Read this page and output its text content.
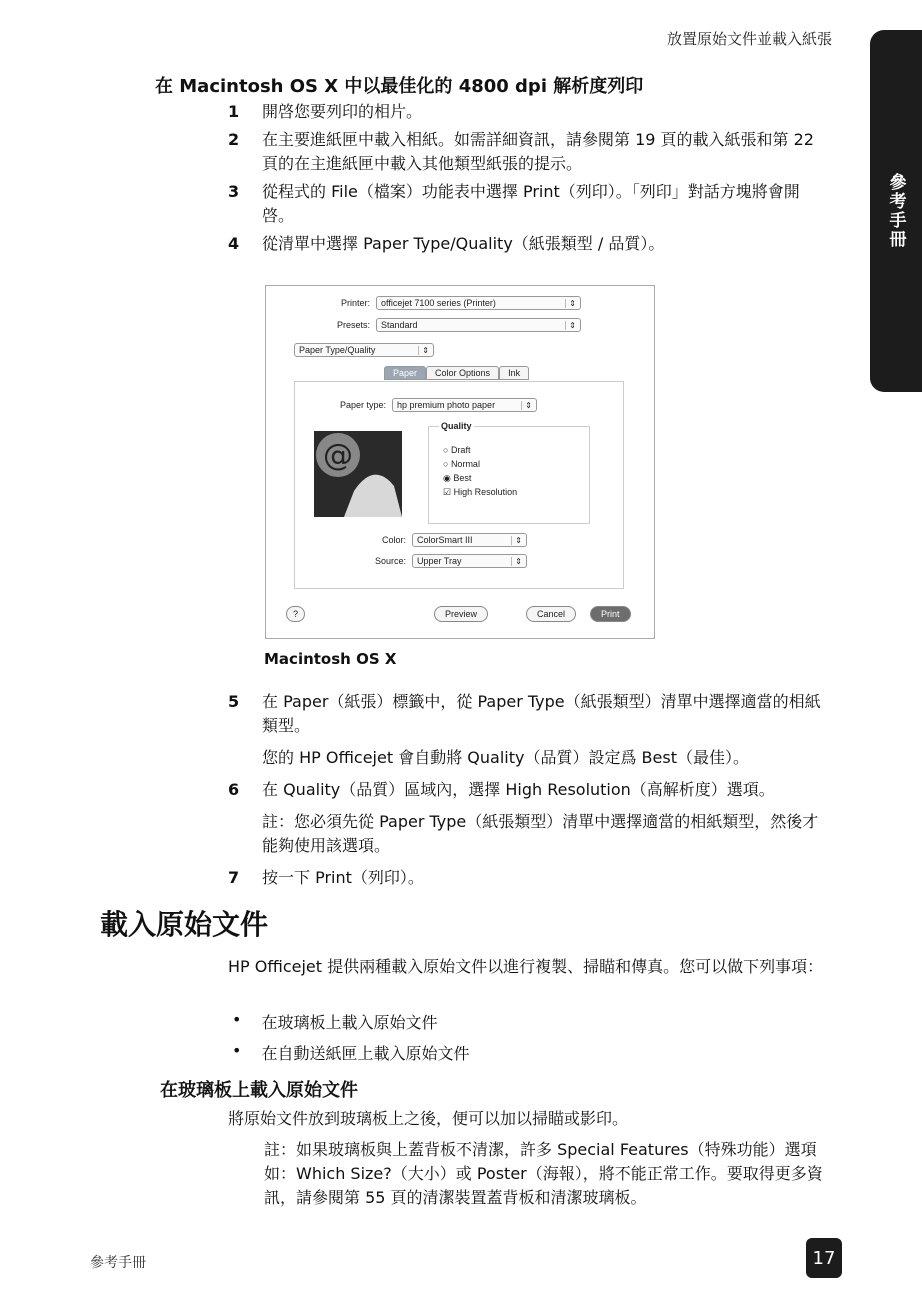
放置原始文件並載入紙張
參考手冊
在 Macintosh OS X 中以最佳化的 4800 dpi 解析度列印
1	開啓您要列印的相片。
2	在主要進紙匣中載入相紙。如需詳細資訊，請參閱第 19 頁的載入紙張和第 22 頁的在主進紙匣中載入其他類型紙張的提示。
3	從程式的 File（檔案）功能表中選擇 Print（列印）。「列印」對話方塊將會開啓。
4	從清單中選擇 Paper Type/Quality（紙張類型 / 品質）。
Printer: officejet 7100 series (Printer)	⇕
Presets: Standard	⇕
Paper Type/Quality	⇕
Paper	Color Options	Ink
Paper type: hp premium photo paper	⇕
@
Quality
○ Draft
○ Normal
◉ Best
☑ High Resolution
Color: ColorSmart III	⇕
Source: Upper Tray	⇕
?	Preview	Cancel	Print
Macintosh OS X
5	在 Paper（紙張）標籤中，從 Paper Type（紙張類型）清單中選擇適當的相紙類型。
您的 HP Officejet 會自動將 Quality（品質）設定爲 Best（最佳）。
6	在 Quality（品質）區域內，選擇 High Resolution（高解析度）選項。
註：您必須先從 Paper Type（紙張類型）清單中選擇適當的相紙類型，然後才能夠使用該選項。
7	按一下 Print（列印）。
載入原始文件
HP Officejet 提供兩種載入原始文件以進行複製、掃瞄和傳真。您可以做下列事項：
• 在玻璃板上載入原始文件
• 在自動送紙匣上載入原始文件
在玻璃板上載入原始文件
將原始文件放到玻璃板上之後，便可以加以掃瞄或影印。
註：如果玻璃板與上蓋背板不清潔，許多 Special Features（特殊功能）選項如：Which Size?（大小）或 Poster（海報），將不能正常工作。要取得更多資訊，請參閱第 55 頁的清潔裝置蓋背板和清潔玻璃板。
參考手冊	17
